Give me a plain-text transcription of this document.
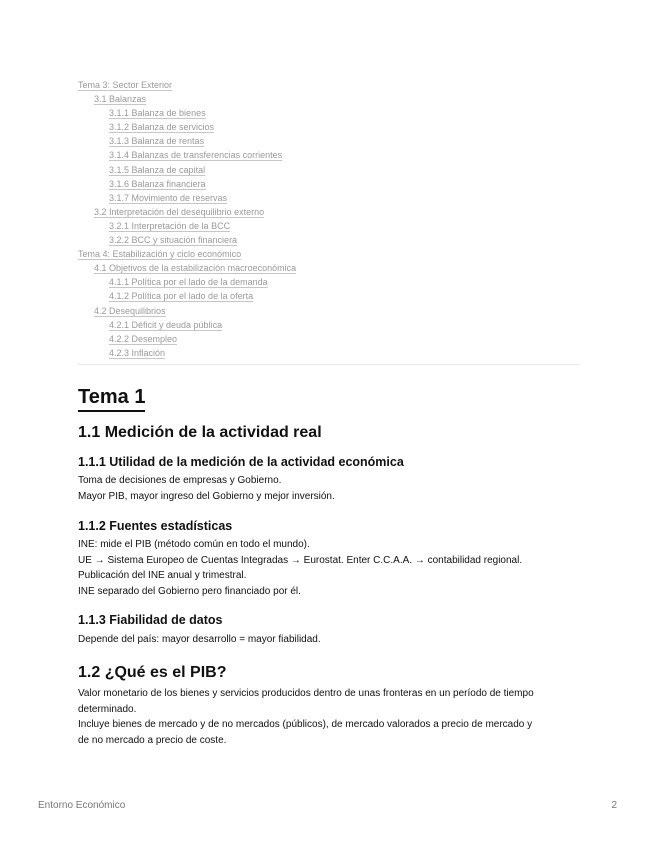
Tema 3: Sector Exterior
3.1 Balanzas
3.1.1 Balanza de bienes
3.1.2 Balanza de servicios
3.1.3 Balanza de rentas
3.1.4 Balanzas de transferencias corrientes
3.1.5 Balanza de capital
3.1.6 Balanza financiera
3.1.7 Movimiento de reservas
3.2 Interpretación del desequilibrio externo
3.2.1 Interpretación de la BCC
3.2.2 BCC y situación financiera
Tema 4: Estabilización y ciclo económico
4.1 Objetivos de la estabilización macroeconómica
4.1.1 Política por el lado de la demanda
4.1.2 Política por el lado de la oferta
4.2 Desequilibrios
4.2.1 Déficit y deuda pública
4.2.2 Desempleo
4.2.3 Inflación
Tema 1
1.1 Medición de la actividad real
1.1.1 Utilidad de la medición de la actividad económica

Toma de decisiones de empresas y Gobierno.

Mayor PIB, mayor ingreso del Gobierno y mejor inversión.

1.1.2 Fuentes estadísticas

INE: mide el PIB (método común en todo el mundo).

UE → Sistema Europeo de Cuentas Integradas → Eurostat. Enter C.C.A.A. → contabilidad regional.

Publicación del INE anual y trimestral.

INE separado del Gobierno pero financiado por él.

1.1.3 Fiabilidad de datos

Depende del país: mayor desarrollo = mayor fiabilidad.

1.2 ¿Qué es el PIB?

Valor monetario de los bienes y servicios producidos dentro de unas fronteras en un período de tiempo

determinado.

Incluye bienes de mercado y de no mercados (públicos), de mercado valorados a precio de mercado y

de no mercado a precio de coste.

Entorno Económico	2
